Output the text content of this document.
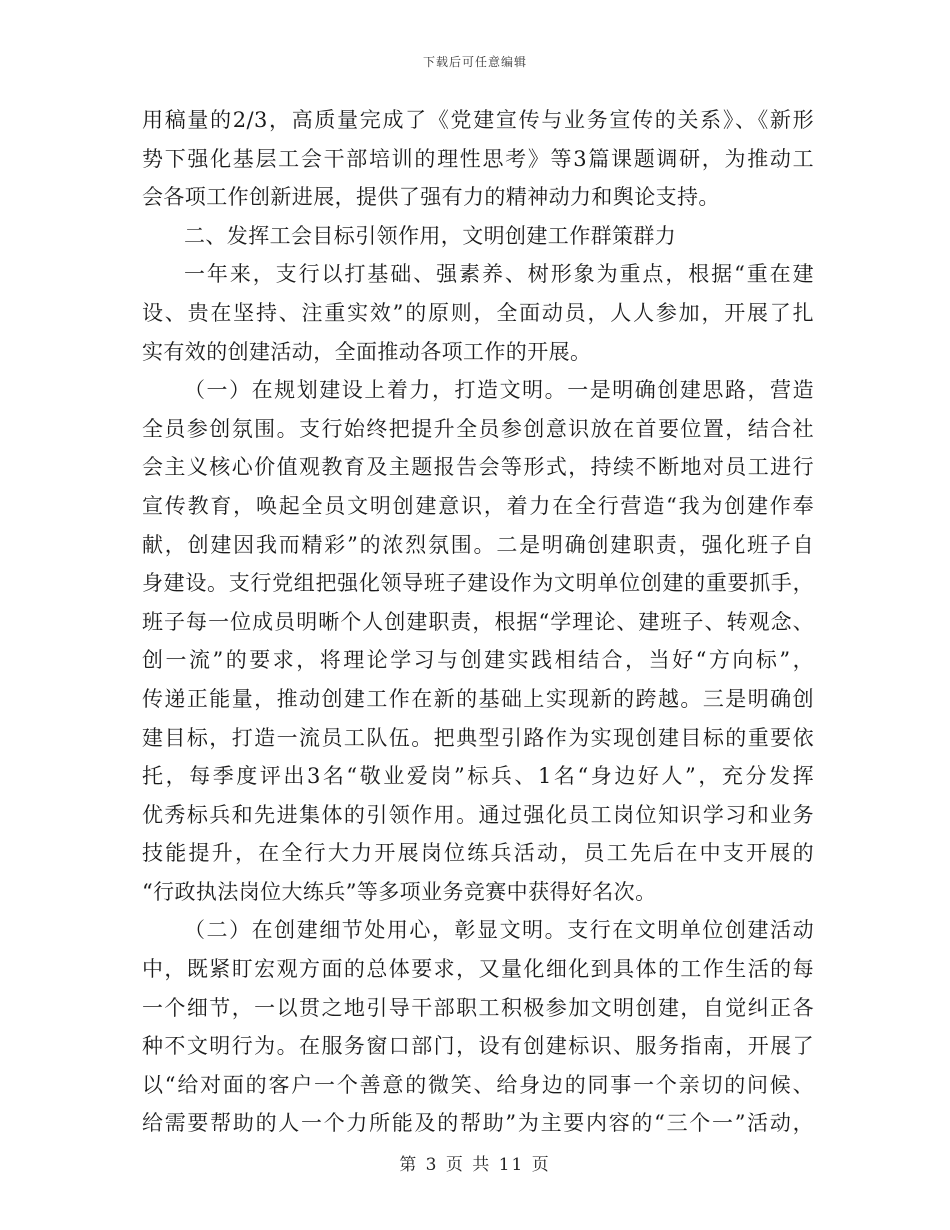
下载后可任意编辑
用稿量的2/3，高质量完成了《党建宣传与业务宣传的关系》、《新形
势下强化基层工会干部培训的理性思考》等3篇课题调研，为推动工
会各项工作创新进展，提供了强有力的精神动力和舆论支持。
二、发挥工会目标引领作用，文明创建工作群策群力
一年来，支行以打基础、强素养、树形象为重点，根据“重在建
设、贵在坚持、注重实效”的原则，全面动员，人人参加，开展了扎
实有效的创建活动，全面推动各项工作的开展。
（一）在规划建设上着力，打造文明。一是明确创建思路，营造
全员参创氛围。支行始终把提升全员参创意识放在首要位置，结合社
会主义核心价值观教育及主题报告会等形式，持续不断地对员工进行
宣传教育，唤起全员文明创建意识，着力在全行营造“我为创建作奉
献，创建因我而精彩”的浓烈氛围。二是明确创建职责，强化班子自
身建设。支行党组把强化领导班子建设作为文明单位创建的重要抓手，
班子每一位成员明晰个人创建职责，根据“学理论、建班子、转观念、
创一流”的要求，将理论学习与创建实践相结合，当好“方向标”，
传递正能量，推动创建工作在新的基础上实现新的跨越。三是明确创
建目标，打造一流员工队伍。把典型引路作为实现创建目标的重要依
托，每季度评出3名“敬业爱岗”标兵、1名“身边好人”，充分发挥
优秀标兵和先进集体的引领作用。通过强化员工岗位知识学习和业务
技能提升，在全行大力开展岗位练兵活动，员工先后在中支开展的
“行政执法岗位大练兵”等多项业务竞赛中获得好名次。
（二）在创建细节处用心，彰显文明。支行在文明单位创建活动
中，既紧盯宏观方面的总体要求，又量化细化到具体的工作生活的每
一个细节，一以贯之地引导干部职工积极参加文明创建，自觉纠正各
种不文明行为。在服务窗口部门，设有创建标识、服务指南，开展了
以“给对面的客户一个善意的微笑、给身边的同事一个亲切的问候、
给需要帮助的人一个力所能及的帮助”为主要内容的“三个一”活动，
第 3 页 共 11 页
